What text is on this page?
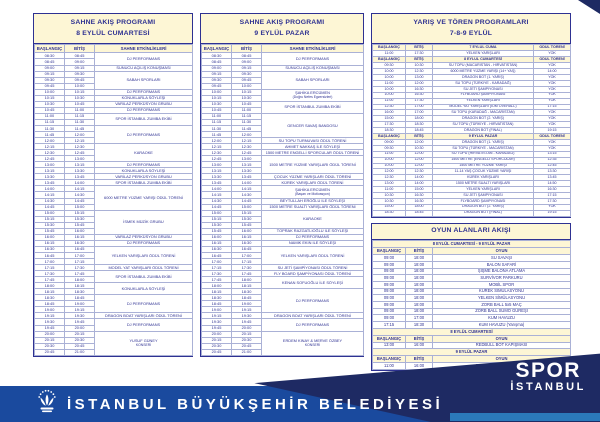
SAHNE AKIŞ PROGRAMI
8 EYLÜL CUMARTESİ
BAŞLANGIÇ	BİTİŞ	SAHNE ETKİNLİKLERİ
08:30	08:45	DJ PERFORMANS

08:45	09:00	
09:00	09:15	SUNUCU AÇILIŞ KONUŞMASI

09:15	09:30	SABAH SPORLARI

09:30	09:45	
09:45	10:00	
10:00	10:15	DJ PERFORMANS

10:15	10:30	KONUKLARLA SÖYLEŞİ

10:30	10:45	VARİLAZ PERKÜSYON GRUBU

10:45	11:00	DJ PERFORMANS

11:00	11:15	SPOR İSTANBUL ZUMBA EKİBİ

11:15	11:30	
11:30	11:45	DJ PERFORMANS

11:45	12:00	
12:00	12:15	
12:15	12:30	KARAOKE

12:30	12:45	
12:45	13:00	
13:00	13:15	DJ PERFORMANS

13:15	13:30	KONUKLARLA SÖYLEŞİ

13:30	13:45	VARİLAZ PERKÜSYON GRUBU

13:45	14:00	SPOR İSTANBUL ZUMBA EKİBİ

14:00	14:15	6000 METRE YÜZME YARIŞI ÖDÜL TÖRENİ

14:15	14:30	
14:30	14:45	
14:45	15:00	
15:00	15:15	İSMEK MÜZİK GRUBU

15:15	15:30	
15:30	15:45	
15:45	16:00	
16:00	16:15	VARİLAZ PERKÜSYON GRUBU

16:15	16:30	DJ PERFORMANS

16:30	16:45	YELKEN YARIŞLARI ÖDÜL TÖRENİ

16:45	17:00	
17:00	17:15	
17:15	17:30	MODEL YAT YARIŞLARI ÖDÜL TÖRENİ

17:30	17:45	SPOR İSTANBUL ZUMBA EKİBİ

17:45	18:00	
18:00	18:15	KONUKLARLA SÖYLEŞİ

18:15	18:30	
18:30	18:45	DJ PERFORMANS

18:45	19:00	
19:00	19:15	
19:15	19:30	DRAGON BOAT YARIŞLARI ÖDÜL TÖRENİ

19:30	19:45	DJ PERFORMANS

19:45	20:00	
20:00	20:15	YUSUF GÜNEY
KONSERİ

20:15	20:30	
20:30	20:45	
20:45	21:00	
SAHNE AKIŞ PROGRAMI
9 EYLÜL PAZAR
BAŞLANGIÇ	BİTİŞ	SAHNE ETKİNLİKLERİ
08:30	08:45	DJ PERFORMANS

08:45	09:00	
09:00	09:15	SUNUCU AÇILIŞ KONUŞMASI

09:15	09:30	SABAH SPORLARI

09:30	09:45	
09:45	10:00	
10:00	10:15	ŞAHİKA ERCÜMEN
(Doğru Nefes Egzersizleri)

10:15	10:30	
10:30	10:45	SPOR İSTANBUL ZUMBA EKİBİ

10:45	11:00	
11:00	11:15	GENCER SAVAŞ BANDOSU

11:15	11:30	
11:30	11:45	
11:45	12:00	
12:00	12:15	SU TOPU TURNUVASI ÖDÜL TÖRENİ

12:15	12:30	AHMET NAKKAŞ İLE SÖYLEŞİ

12:30	12:45	1500 METRE ENGELLİ SPORCULAR ÖDÜL TÖRENİ

12:45	13:00	1500 METRE YÜZME YARIŞLARI ÖDÜL TÖRENİ

13:00	13:15	
13:15	13:30	
13:30	13:45	ÇOCUK YÜZME YARIŞLARI ÖDÜL TÖRENİ

13:45	14:00	KÜREK YARIŞLARI ÖDÜL TÖRENİ

14:00	14:15	ŞAHİKA ERCÜMEN
(Başarı ve Motivasyon)

14:15	14:30	
14:30	14:45	BEYTULLAH EROĞLU İLE SÖYLEŞİ

14:45	15:00	1500 METRE SUALTI YARIŞLARI ÖDÜL TÖRENİ

15:00	15:15	KARAOKE

15:15	15:30	
15:30	15:45	
15:45	16:00	TOPRAK RAZGATLIOĞLU İLE SÖYLEŞİ

16:00	16:15	DJ PERFORMANS

16:15	16:30	NAMIK EKİN İLE SÖYLEŞİ

16:30	16:45	YELKEN YARIŞLARI ÖDÜL TÖRENİ

16:45	17:00	
17:00	17:15	
17:15	17:30	SU JETİ ŞAMPİYONASI ÖDÜL TÖRENİ

17:30	17:45	FLY BOARD ŞAMPİYONASI ÖDÜL TÖRENİ

17:45	18:00	KENAN SOFUOĞLU İLE SÖYLEŞİ

18:00	18:15	
18:15	18:30	DJ PERFORMANS

18:30	18:45	
18:45	19:00	
19:00	19:15	
19:15	19:30	DRAGON BOAT YARIŞLARI ÖDÜL TÖRENİ

19:30	19:45	DJ PERFORMANS

19:45	20:00	
20:00	20:15	ERDEM KINAY & MERVE ÖZBEY
KONSERİ

20:15	20:30	
20:30	20:45	
20:45	21:00	
YARIŞ VE TÖREN PROGRAMLARI
7-8-9 EYLÜL
BAŞLANGIÇ	BİTİŞ	7 EYLÜL CUMA	ÖDÜL TÖRENİ
11:00	17:30	YELKEN YARIŞLARI	YOK
BAŞLANGIÇ	BİTİŞ	8 EYLÜL CUMARTESİ	ÖDÜL TÖRENİ
09:30	10:30	SU TOPU (MACARİSTAN - HIRVATİSTAN)	YOK
10:00	12:30	6000 METRE YÜZME YARIŞI (14+ YAŞ)	14:00
10:00	13:00	DRAGON BOT (1. YARIŞ)	YOK
11:00	12:00	SU TOPU (TÜRKİYE - KARADAĞ)	YOK
10:00	16:30	SU JETİ ŞAMPİYONASI	YOK
10:00	16:30	FLYBOARD ŞAMPİYONASI	YOK
11:00	17:30	YELKEN YARIŞLARI	YOK
12:30	17:00	MODEL YAT YARIŞLARI (IOM OVERALL)	17:15
16:00	17:00	SU TOPU (KARADAĞ - MACARİSTAN)	YOK
15:00	18:00	DRAGON BOT (2. YARIŞ)	YOK
17:30	18:30	SU TOPU (TÜRKİYE - HIRVATİSTAN)	YOK
18:30	18:45	DRAGON BOT (FİNAL)	19:15
BAŞLANGIÇ	BİTİŞ	9 EYLÜL PAZAR	ÖDÜL TÖRENİ
09:00	12:00	DRAGON BOT (1. YARIŞ)	YOK
09:30	10:30	SU TOPU (TÜRKİYE - MACARİSTAN)	YOK
11:00	12:00	SU TOPU (HIRVATİSTAN - KARADAĞ)	13:15
10:00	12:00	1500 METRE (ENGELLİ SPORCULAR)	12:35
10:00	12:00	1500 METRE YÜZME YARIŞI	12:45
12:00	12:30	11-14 YAŞ ÇOCUK YÜZME YARIŞI	13:30
12:30	14:00	KÜREK YARIŞLARI	13:45
13:00	14:00	1500 METRE SUALTI YARIŞLARI	14:50
11:00	15:00	YELKEN YARIŞLARI	16:30
10:30	16:30	SU JETİ ŞAMPİYONASI	17:15
10:30	16:30	FLYBOARD ŞAMPİYONASI	17:30
15:00	18:00	DRAGON BOT (2. YARIŞ)	YOK
18:30	18:45	DRAGON BOT (FİNAL)	19:15
OYUN ALANLARI AKIŞI
8 EYLÜL CUMARTESİ - 9 EYLÜL PAZAR		
BAŞLANGIÇ	BİTİŞ	OYUN
09:00	18:00	SU SAVAŞI
09:00	18:00	BALON SAFARİ
09:00	18:00	ŞİŞME BALONA ATLAMA
09:00	18:00	SURVİVOR PARKURU
09:00	18:00	MOBİL SPOR
09:00	18:00	KÜREK SİMÜLASYONU
09:00	18:00	YELKEN SİMÜLASYONU
09:00	18:00	ZORB BALL 5x5 MAÇ
09:00	18:00	ZORB BALL SUMO GÜREŞİ
09:00	17:00	KUM HAVUZU
17:15	18:30	KUM HAVUZU (Yarışma)
8 EYLÜL CUMARTESİ		
BAŞLANGIÇ	BİTİŞ	OYUN
13:00	16:00	REDBULL BOT KAPIŞMASI
9 EYLÜL PAZAR		
BAŞLANGIÇ	BİTİŞ	OYUN
11:00	16:00	
İSTANBUL BÜYÜKŞEHİR BELEDİYESİ
SPOR
İSTANBUL
